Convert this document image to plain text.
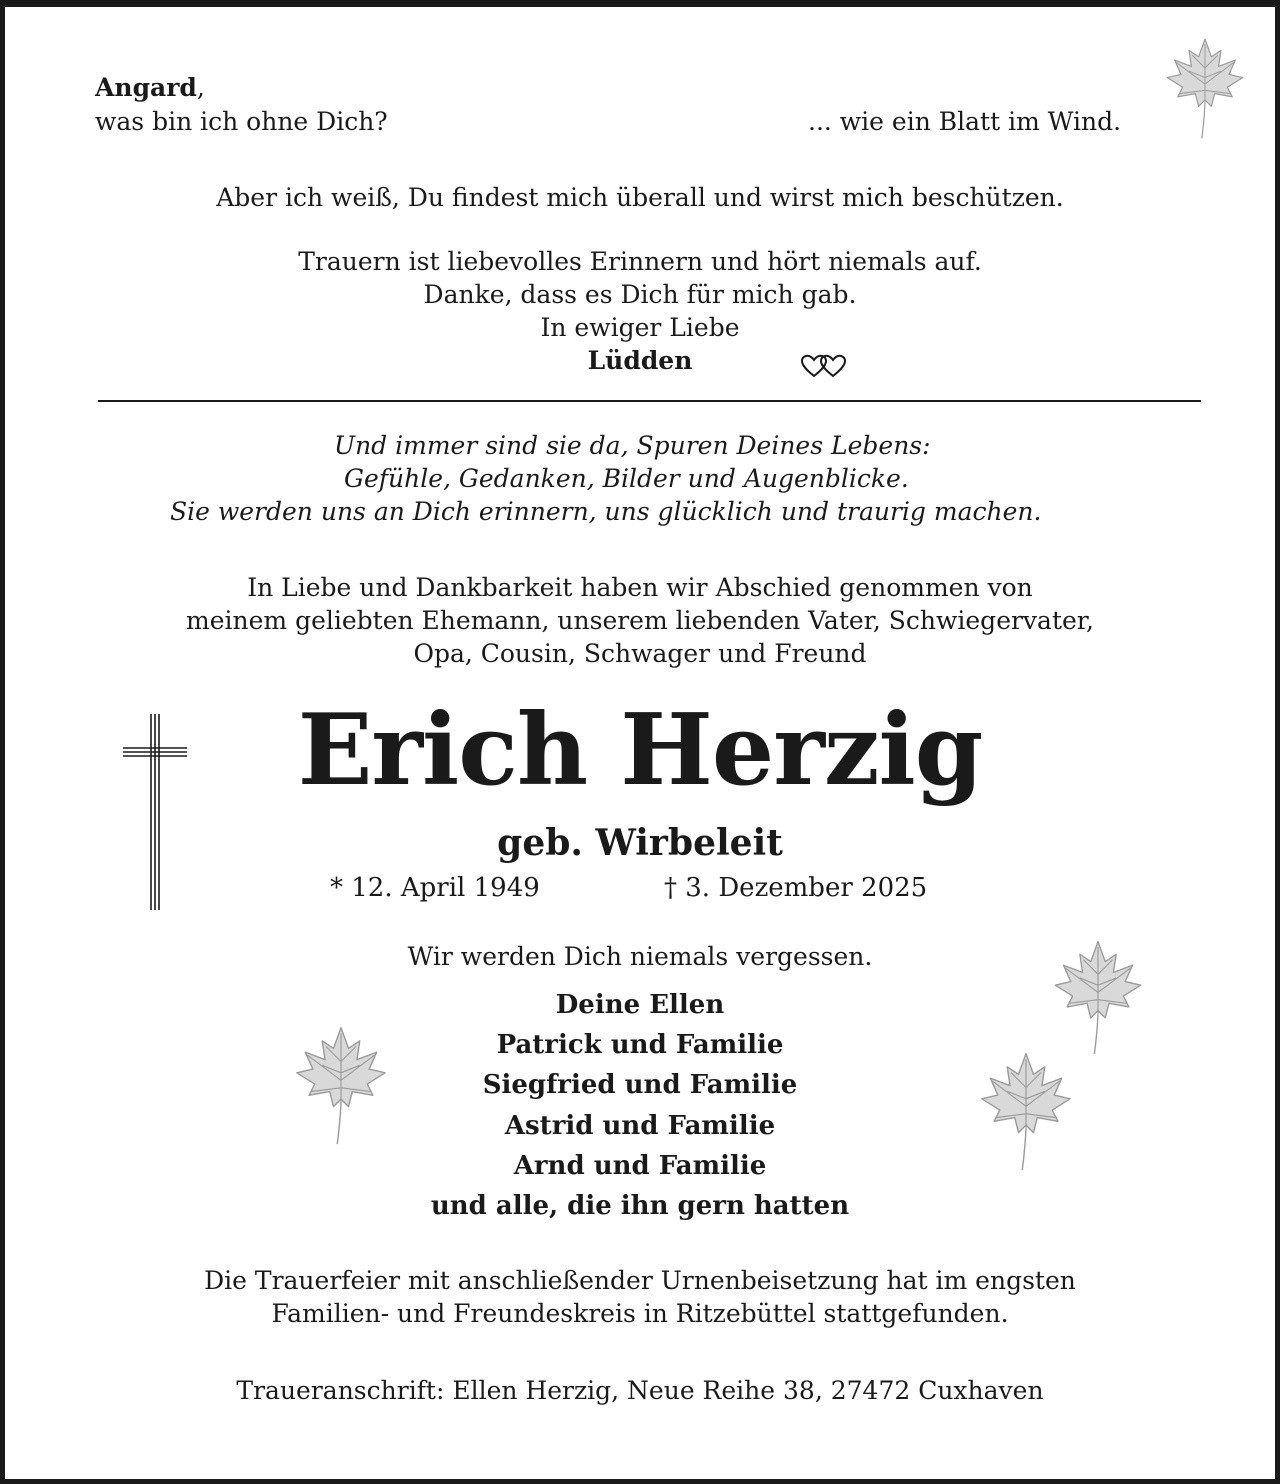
Angard,
was bin ich ohne Dich?	... wie ein Blatt im Wind.
Aber ich weiß, Du findest mich überall und wirst mich beschützen.
Trauern ist liebevolles Erinnern und hört niemals auf.
Danke, dass es Dich für mich gab.
In ewiger Liebe
Lüdden
Und immer sind sie da, Spuren Deines Lebens:
Gefühle, Gedanken, Bilder und Augenblicke.
Sie werden uns an Dich erinnern, uns glücklich und traurig machen.
In Liebe und Dankbarkeit haben wir Abschied genommen von
meinem geliebten Ehemann, unserem liebenden Vater, Schwiegervater,
Opa, Cousin, Schwager und Freund
Erich Herzig
geb. Wirbeleit
* 12. April 1949	† 3. Dezember 2025
Wir werden Dich niemals vergessen.
Deine Ellen
Patrick und Familie
Siegfried und Familie
Astrid und Familie
Arnd und Familie
und alle, die ihn gern hatten
Die Trauerfeier mit anschließender Urnenbeisetzung hat im engsten
Familien- und Freundeskreis in Ritzebüttel stattgefunden.
Traueranschrift: Ellen Herzig, Neue Reihe 38, 27472 Cuxhaven
